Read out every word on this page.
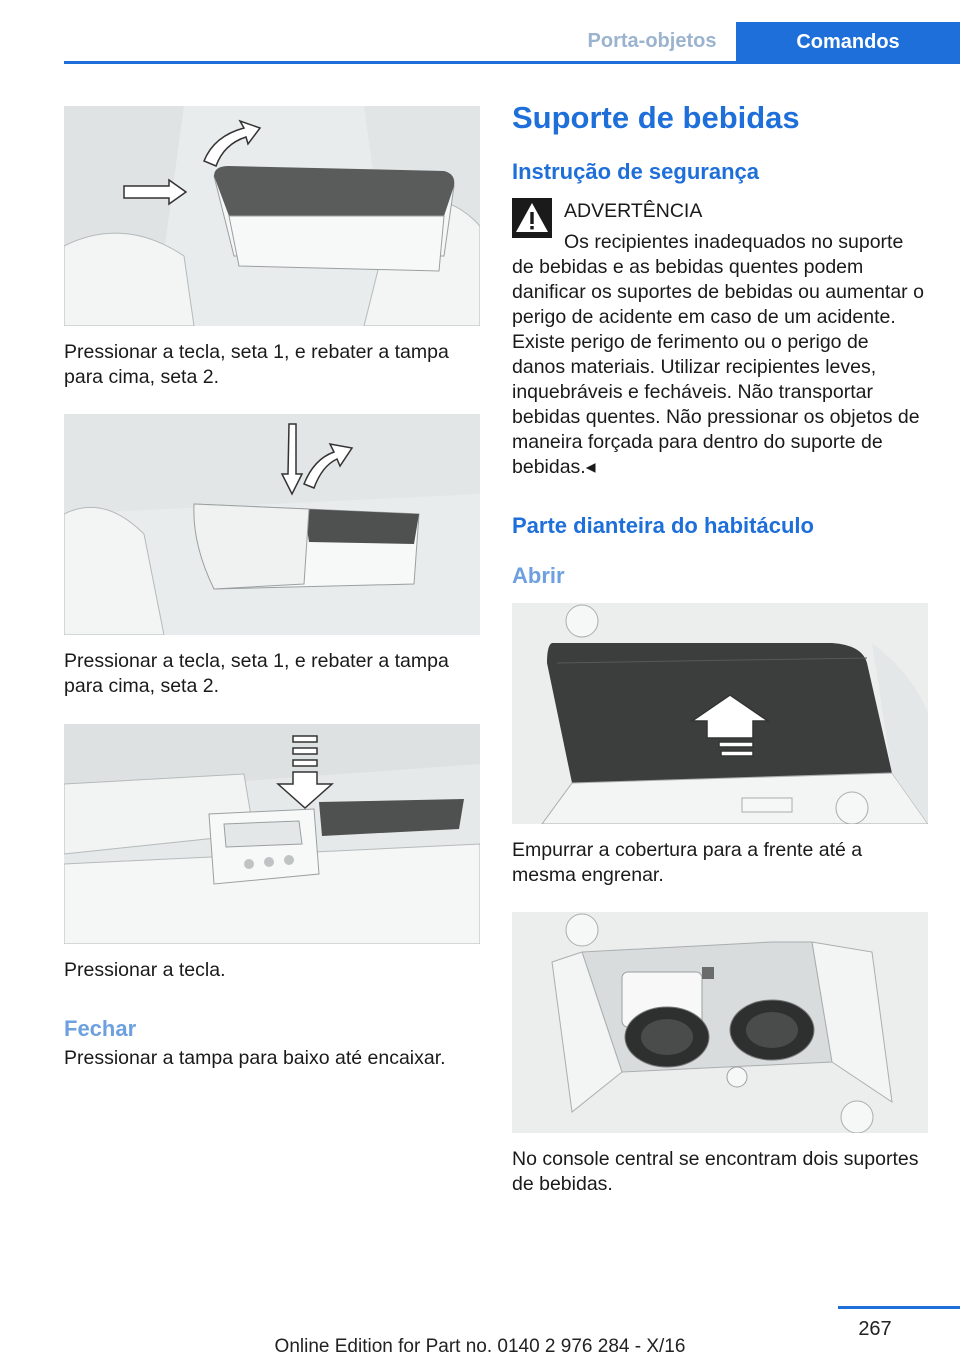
Porta-objetos	Comandos
Pressionar a tecla, seta 1, e rebater a tampa para cima, seta 2.
Pressionar a tecla, seta 1, e rebater a tampa para cima, seta 2.
Pressionar a tecla.
Fechar
Pressionar a tampa para baixo até encaixar.
Suporte de bebidas
Instrução de segurança
ADVERTÊNCIA
Os recipientes inadequados no suporte de bebidas e as bebidas quentes podem danificar os suportes de bebidas ou aumentar o perigo de acidente em caso de um acidente. Existe perigo de ferimento ou o perigo de danos materiais. Utilizar recipientes leves, inquebráveis e fecháveis. Não transportar bebidas quentes. Não pressionar os objetos de maneira forçada para dentro do suporte de bebidas.◂
Parte dianteira do habitáculo
Abrir
Empurrar a cobertura para a frente até a mesma engrenar.
No console central se encontram dois suportes de bebidas.
267
Online Edition for Part no. 0140 2 976 284 - X/16
